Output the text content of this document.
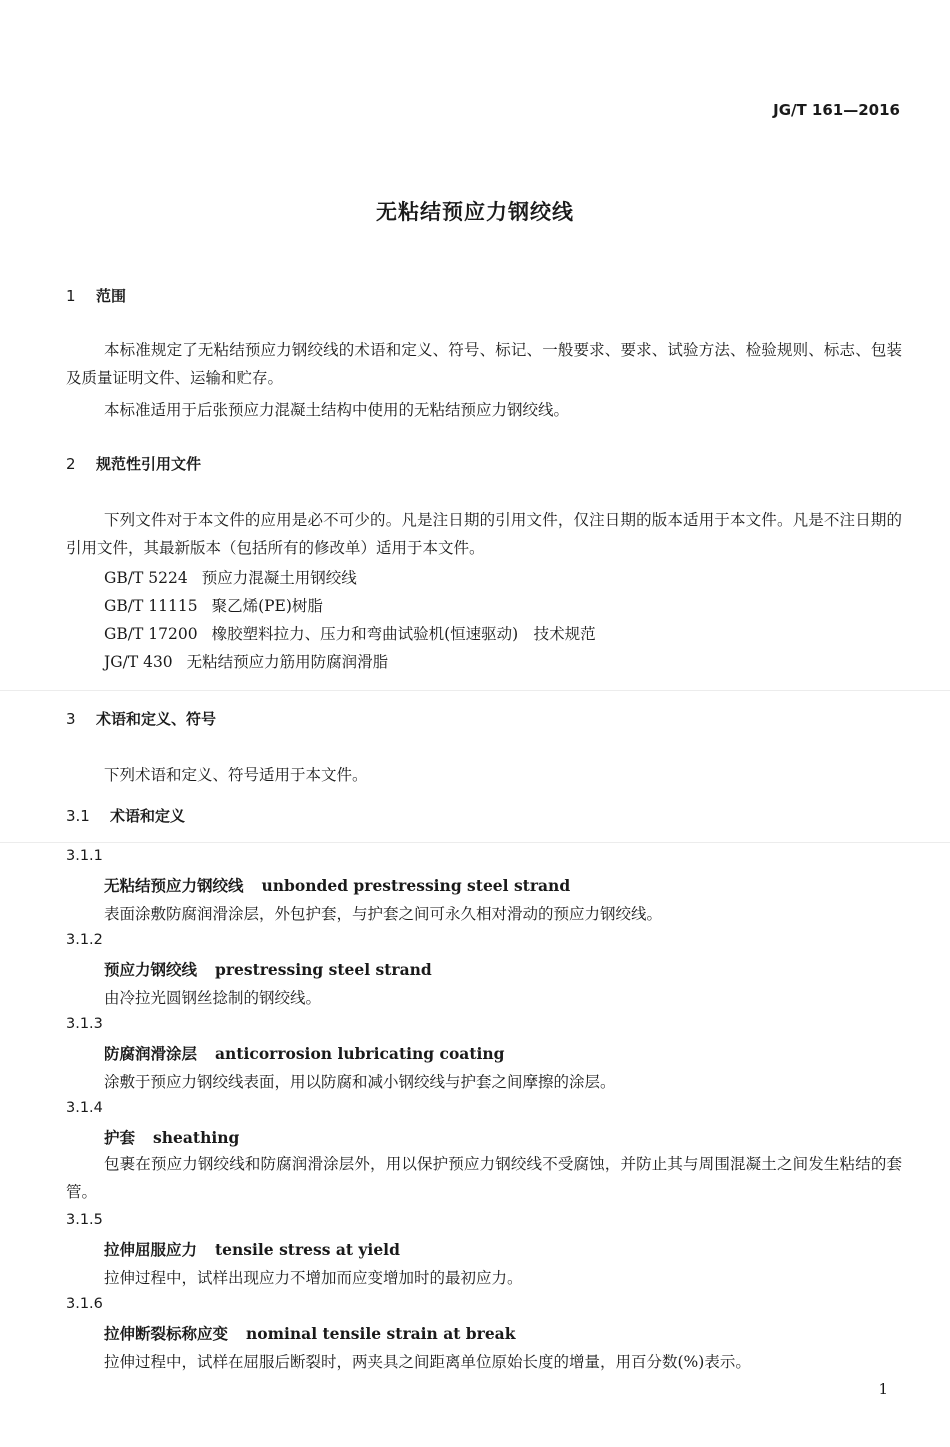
JG/T 161—2016
无粘结预应力钢绞线
1 范围
本标准规定了无粘结预应力钢绞线的术语和定义、符号、标记、一般要求、要求、试验方法、检验规则、标志、包装及质量证明文件、运输和贮存。
本标准适用于后张预应力混凝土结构中使用的无粘结预应力钢绞线。
2 规范性引用文件
下列文件对于本文件的应用是必不可少的。凡是注日期的引用文件，仅注日期的版本适用于本文件。凡是不注日期的引用文件，其最新版本（包括所有的修改单）适用于本文件。
GB/T 5224 预应力混凝土用钢绞线
GB/T 11115 聚乙烯(PE)树脂
GB/T 17200 橡胶塑料拉力、压力和弯曲试验机(恒速驱动)　技术规范
JG/T 430 无粘结预应力筋用防腐润滑脂
3 术语和定义、符号
下列术语和定义、符号适用于本文件。
3.1 术语和定义
3.1.1
无粘结预应力钢绞线 unbonded prestressing steel strand
表面涂敷防腐润滑涂层，外包护套，与护套之间可永久相对滑动的预应力钢绞线。
3.1.2
预应力钢绞线 prestressing steel strand
由冷拉光圆钢丝捻制的钢绞线。
3.1.3
防腐润滑涂层 anticorrosion lubricating coating
涂敷于预应力钢绞线表面，用以防腐和减小钢绞线与护套之间摩擦的涂层。
3.1.4
护套 sheathing
包裹在预应力钢绞线和防腐润滑涂层外，用以保护预应力钢绞线不受腐蚀，并防止其与周围混凝土之间发生粘结的套管。
3.1.5
拉伸屈服应力 tensile stress at yield
拉伸过程中，试样出现应力不增加而应变增加时的最初应力。
3.1.6
拉伸断裂标称应变 nominal tensile strain at break
拉伸过程中，试样在屈服后断裂时，两夹具之间距离单位原始长度的增量，用百分数(%)表示。
1
